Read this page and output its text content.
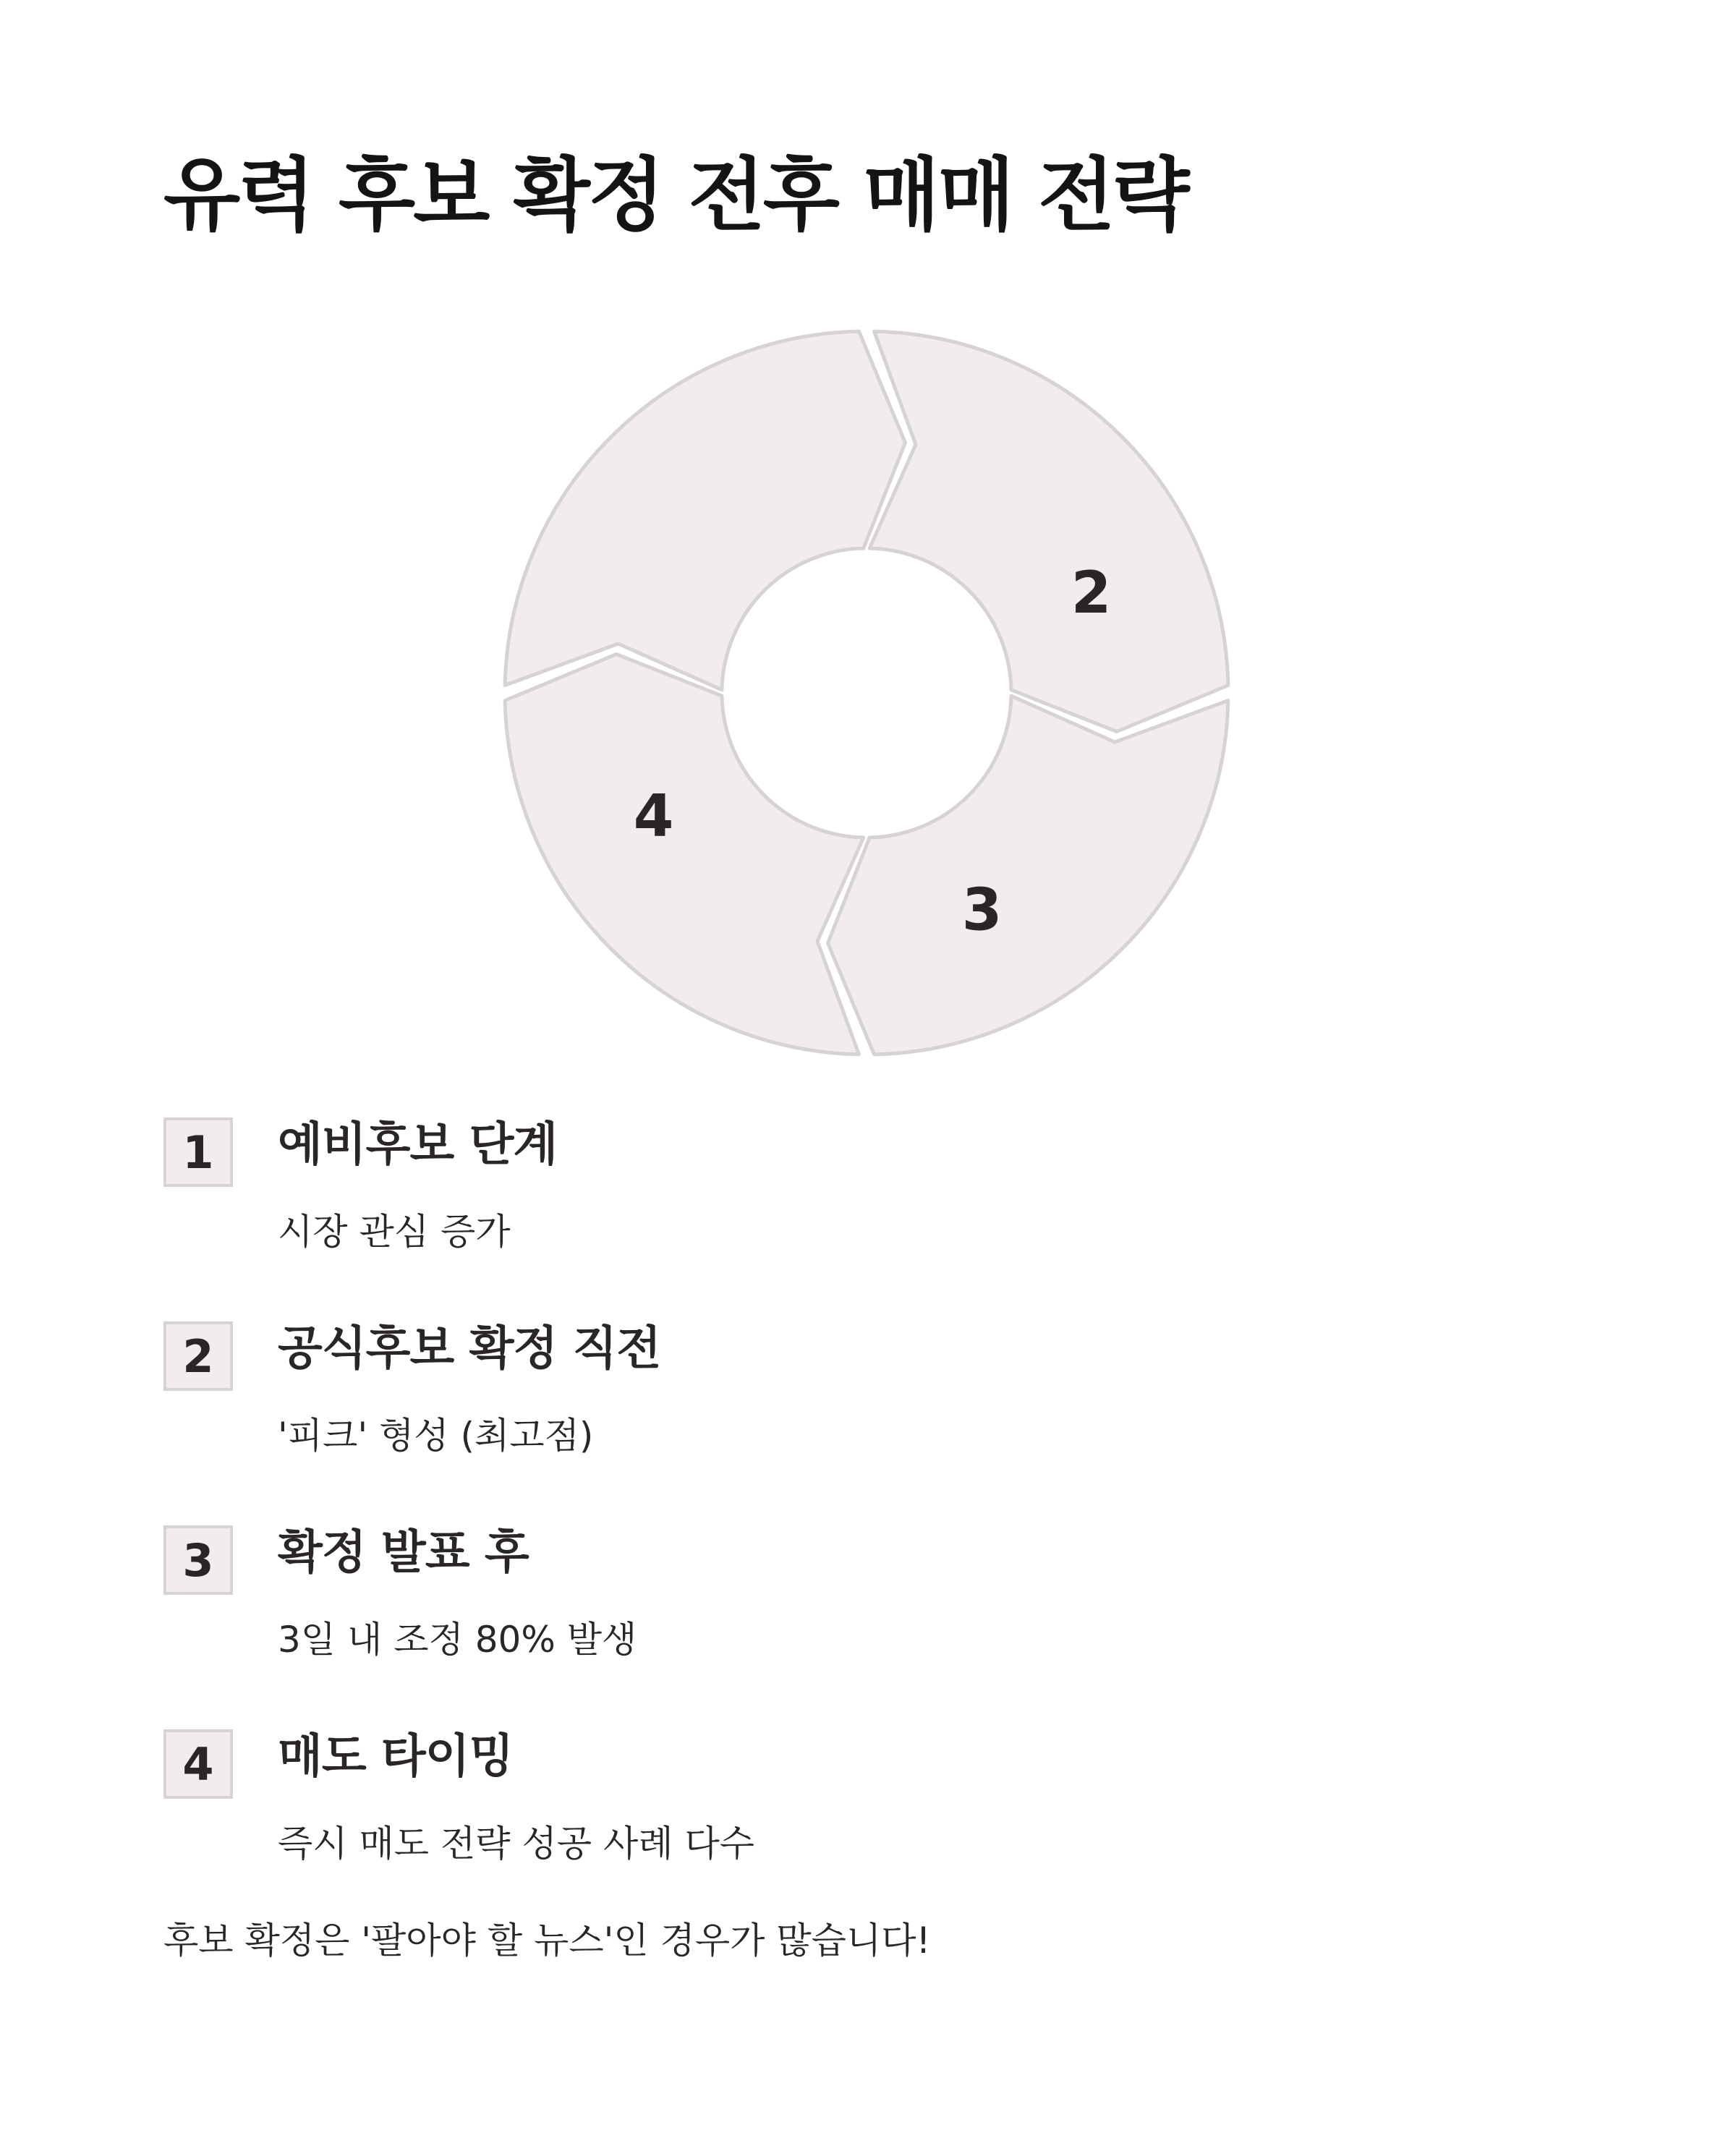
유력 후보 확정 전후 매매 전략
2
3
4
1	예비후보 단계
시장 관심 증가
2	공식후보 확정 직전
'피크' 형성 (최고점)
3	확정 발표 후
3일 내 조정 80% 발생
4	매도 타이밍
즉시 매도 전략 성공 사례 다수
후보 확정은 '팔아야 할 뉴스'인 경우가 많습니다!
